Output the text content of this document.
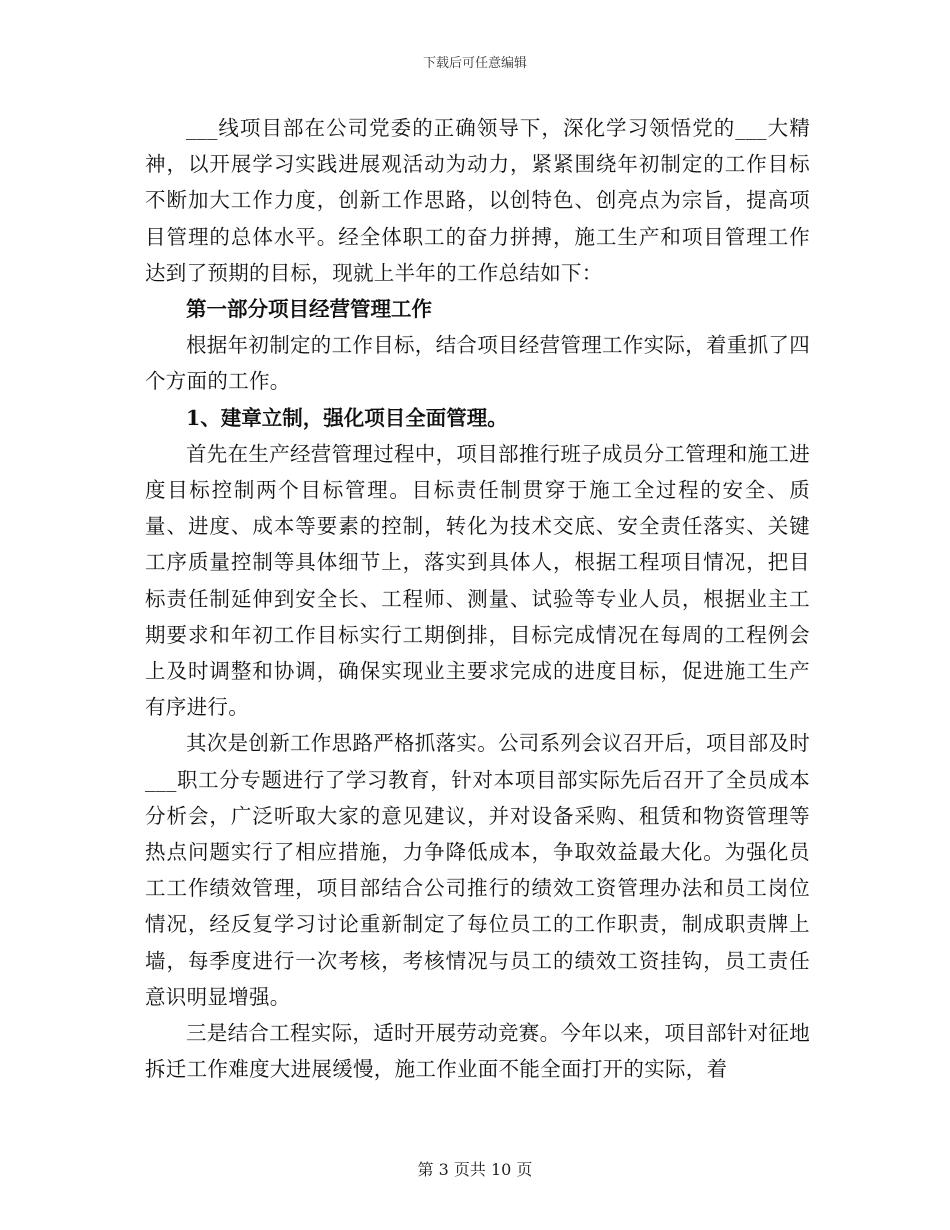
下载后可任意编辑

___线项目部在公司党委的正确领导下，深化学习领悟党的___大精神，以开展学习实践进展观活动为动力，紧紧围绕年初制定的工作目标不断加大工作力度，创新工作思路，以创特色、创亮点为宗旨，提高项目管理的总体水平。经全体职工的奋力拼搏，施工生产和项目管理工作达到了预期的目标，现就上半年的工作总结如下：

第一部分项目经营管理工作

根据年初制定的工作目标，结合项目经营管理工作实际，着重抓了四个方面的工作。

1、建章立制，强化项目全面管理。

首先在生产经营管理过程中，项目部推行班子成员分工管理和施工进度目标控制两个目标管理。目标责任制贯穿于施工全过程的安全、质量、进度、成本等要素的控制，转化为技术交底、安全责任落实、关键工序质量控制等具体细节上，落实到具体人，根据工程项目情况，把目标责任制延伸到安全长、工程师、测量、试验等专业人员，根据业主工期要求和年初工作目标实行工期倒排，目标完成情况在每周的工程例会上及时调整和协调，确保实现业主要求完成的进度目标，促进施工生产有序进行。

其次是创新工作思路严格抓落实。公司系列会议召开后，项目部及时___职工分专题进行了学习教育，针对本项目部实际先后召开了全员成本分析会，广泛听取大家的意见建议，并对设备采购、租赁和物资管理等热点问题实行了相应措施，力争降低成本，争取效益最大化。为强化员工工作绩效管理，项目部结合公司推行的绩效工资管理办法和员工岗位情况，经反复学习讨论重新制定了每位员工的工作职责，制成职责牌上墙，每季度进行一次考核，考核情况与员工的绩效工资挂钩，员工责任意识明显增强。

三是结合工程实际，适时开展劳动竞赛。今年以来，项目部针对征地拆迁工作难度大进展缓慢，施工作业面不能全面打开的实际，着

第 3 页共 10 页
